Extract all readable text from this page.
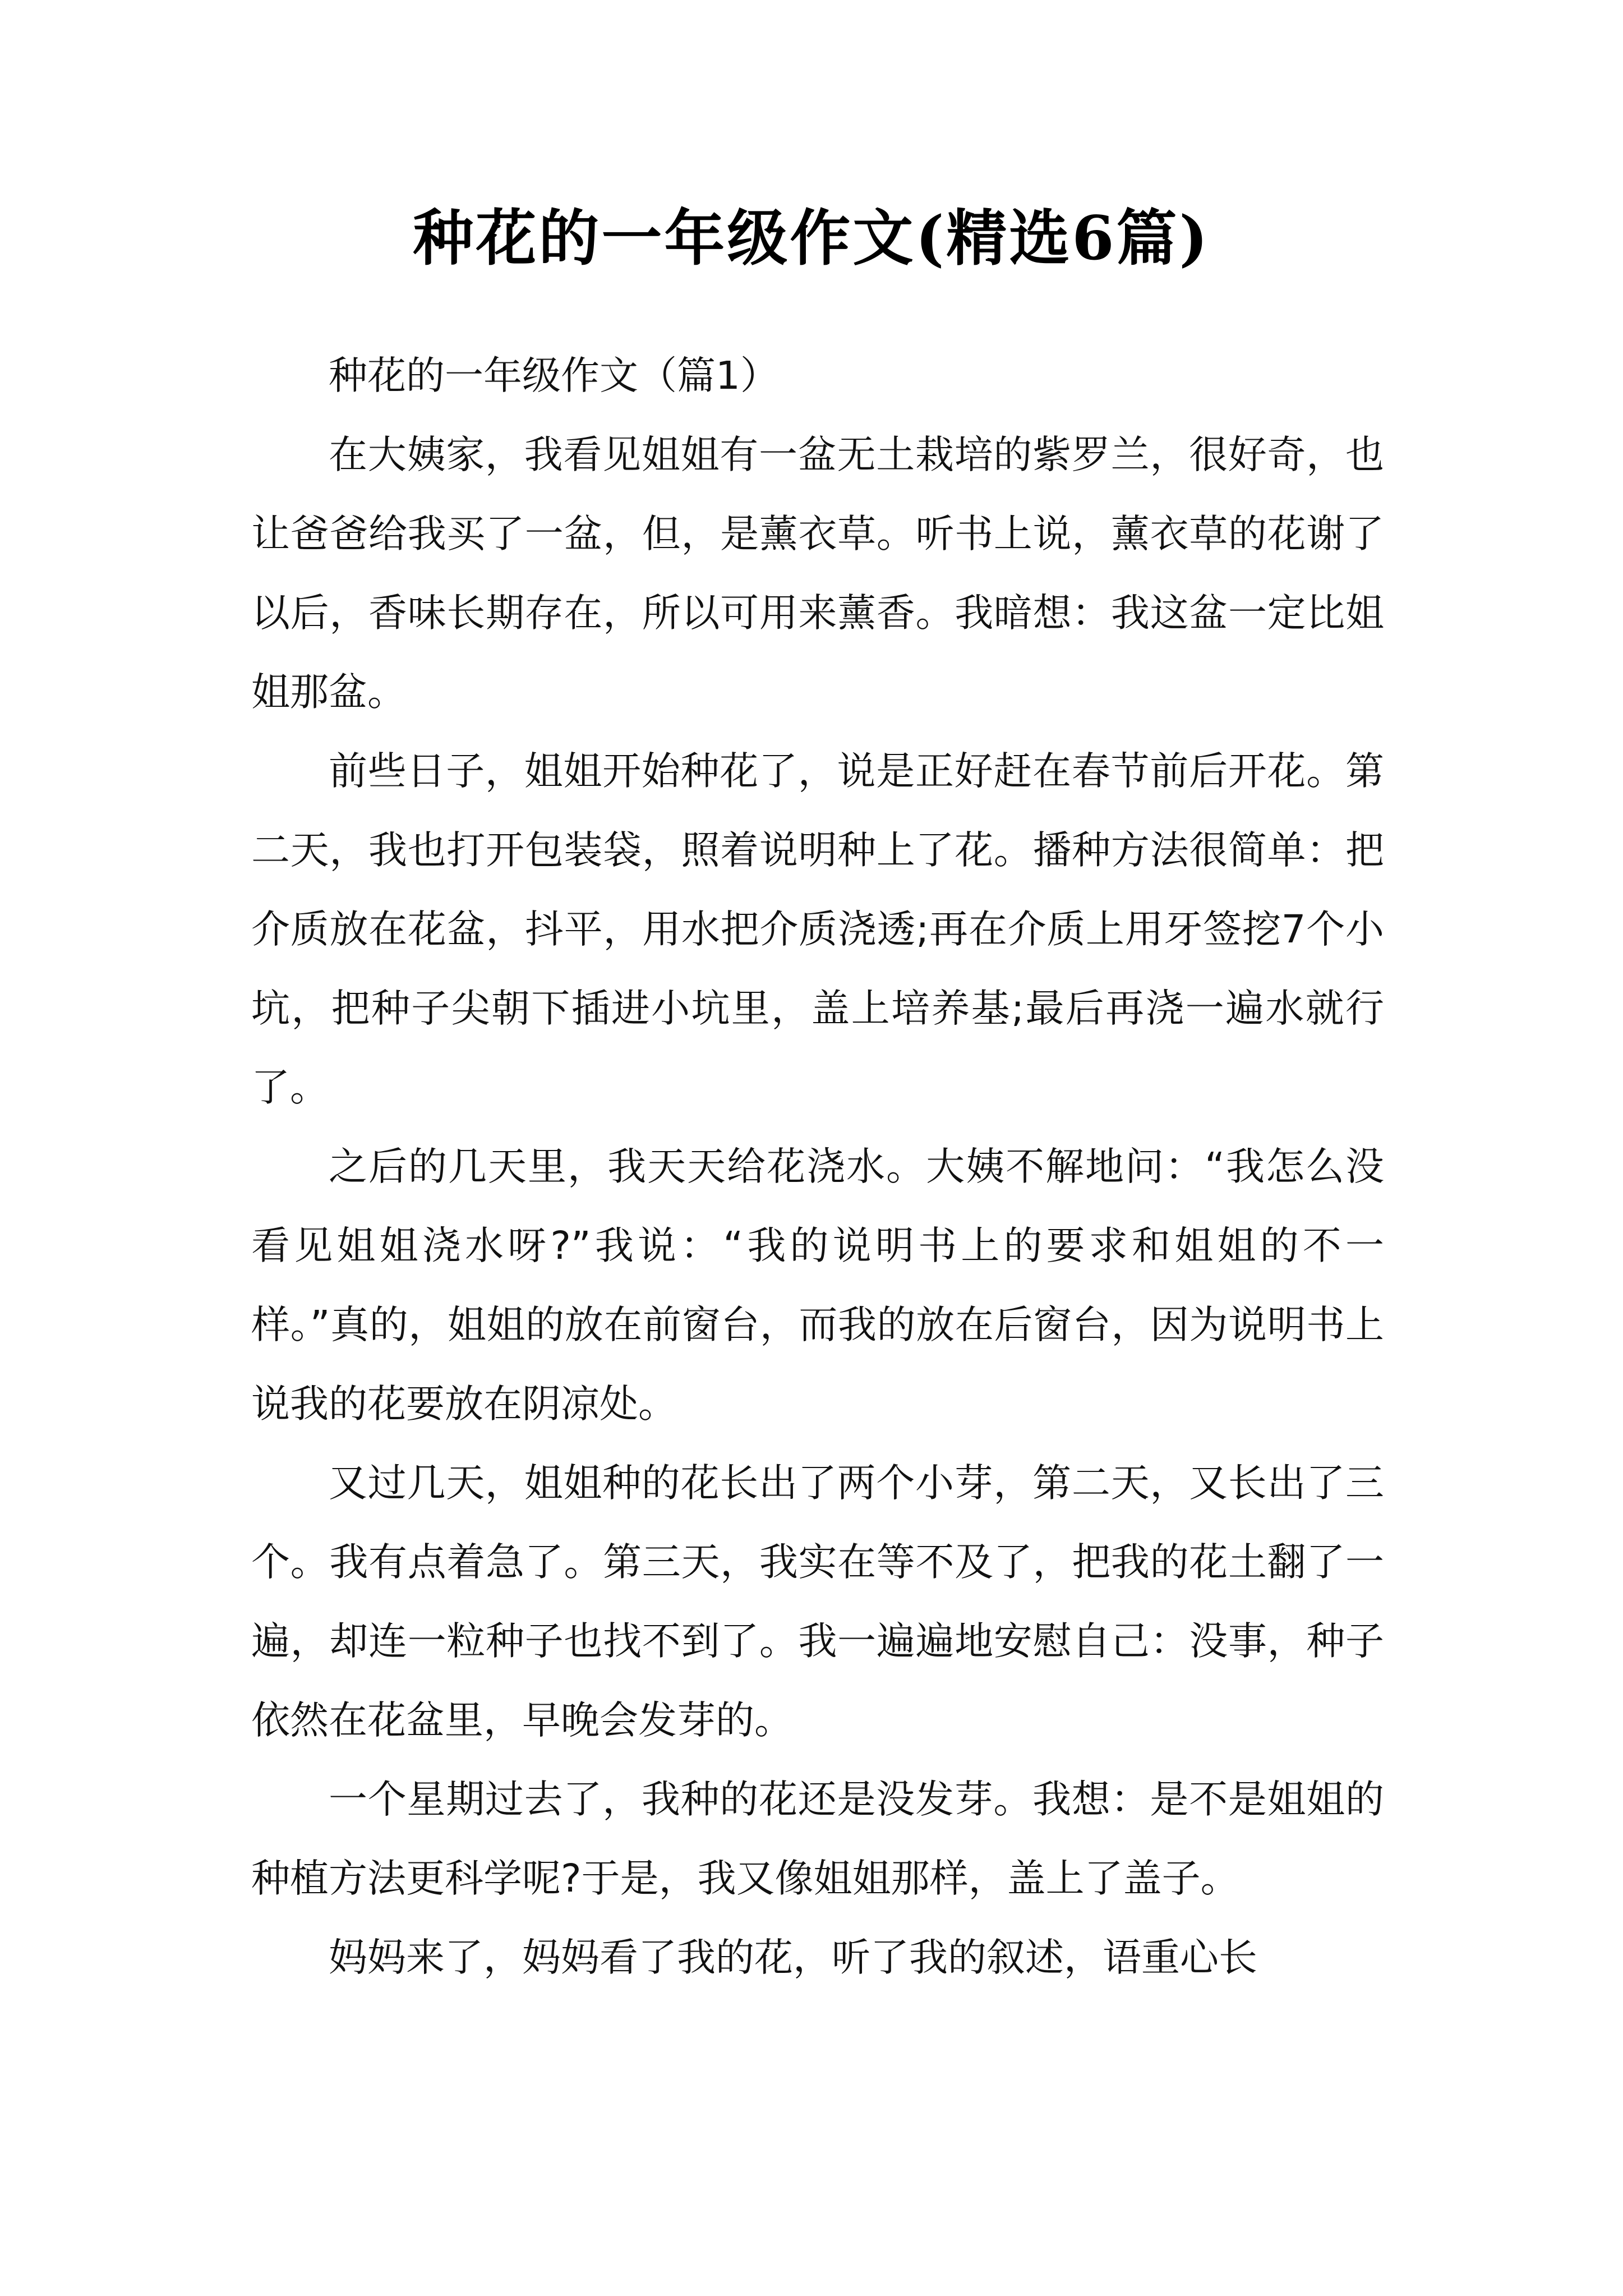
种花的一年级作文(精选6篇)

种花的一年级作文（篇1）

在大姨家，我看见姐姐有一盆无土栽培的紫罗兰，很好奇，也让爸爸给我买了一盆，但，是薰衣草。听书上说，薰衣草的花谢了以后，香味长期存在，所以可用来薰香。我暗想：我这盆一定比姐姐那盆。

前些日子，姐姐开始种花了，说是正好赶在春节前后开花。第二天，我也打开包装袋，照着说明种上了花。播种方法很简单：把介质放在花盆，抖平，用水把介质浇透;再在介质上用牙签挖7个小坑，把种子尖朝下插进小坑里，盖上培养基;最后再浇一遍水就行了。

之后的几天里，我天天给花浇水。大姨不解地问：“我怎么没看见姐姐浇水呀?”我说：“我的说明书上的要求和姐姐的不一样。”真的，姐姐的放在前窗台，而我的放在后窗台，因为说明书上说我的花要放在阴凉处。

又过几天，姐姐种的花长出了两个小芽，第二天，又长出了三个。我有点着急了。第三天，我实在等不及了，把我的花土翻了一遍，却连一粒种子也找不到了。我一遍遍地安慰自己：没事，种子依然在花盆里，早晚会发芽的。

一个星期过去了，我种的花还是没发芽。我想：是不是姐姐的种植方法更科学呢?于是，我又像姐姐那样，盖上了盖子。

妈妈来了，妈妈看了我的花，听了我的叙述，语重心长
